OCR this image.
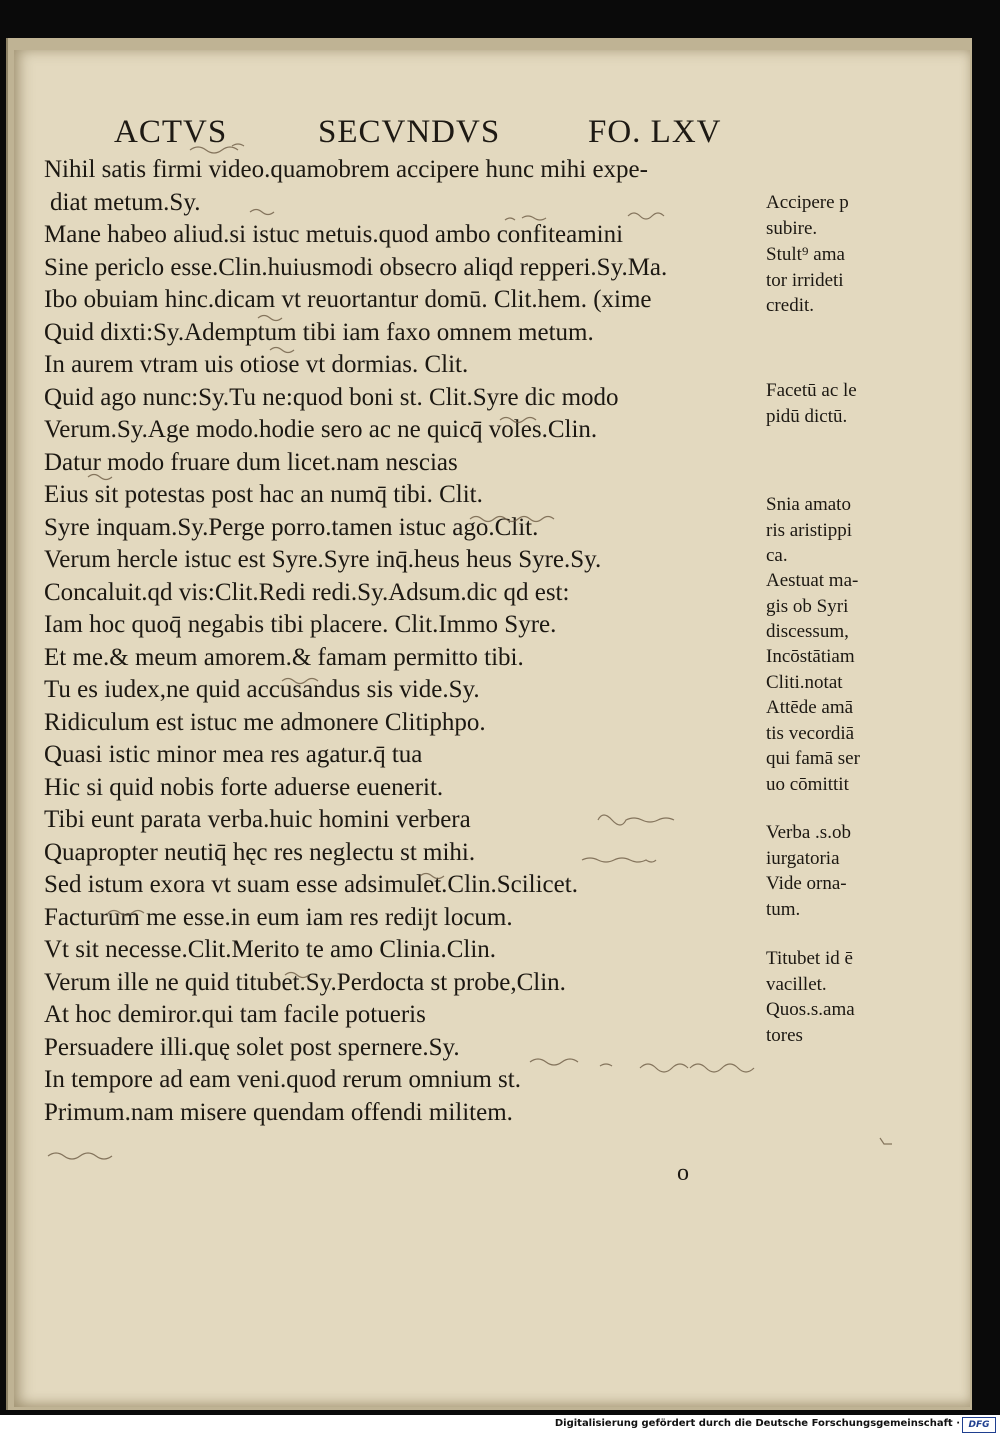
ACTVS	SECVNDVS	FO. LXV
Nihil satis firmi video.quamobrem accipere hunc mihi expe-
diat metum.Sy.
Mane habeo aliud.si istuc metuis.quod ambo confiteamini
Sine periclo esse.Clin.huiusmodi obsecro aliqd repperi.Sy.Ma.
Ibo obuiam hinc.dicam vt reuortantur domū. Clit.hem. (xime
Quid dixti:Sy.Ademptum tibi iam faxo omnem metum.
In aurem vtram uis otiose vt dormias. Clit.
Quid ago nunc:Sy.Tu ne:quod boni st. Clit.Syre dic modo
Verum.Sy.Age modo.hodie sero ac ne quicq̄ voles.Clin.
Datur modo fruare dum licet.nam nescias
Eius sit potestas post hac an numq̄ tibi. Clit.
Syre inquam.Sy.Perge porro.tamen istuc ago.Clit.
Verum hercle istuc est Syre.Syre inq̄.heus heus Syre.Sy.
Concaluit.qd vis:Clit.Redi redi.Sy.Adsum.dic qd est:
Iam hoc quoq̄ negabis tibi placere. Clit.Immo Syre.
Et me.& meum amorem.& famam permitto tibi.
Tu es iudex,ne quid accusandus sis vide.Sy.
Ridiculum est istuc me admonere Clitiphpo.
Quasi istic minor mea res agatur.q̄ tua
Hic si quid nobis forte aduerse euenerit.
Tibi eunt parata verba.huic homini verbera
Quapropter neutiq̄ hęc res neglectu st mihi.
Sed istum exora vt suam esse adsimulet.Clin.Scilicet.
Facturum me esse.in eum iam res redijt locum.
Vt sit necesse.Clit.Merito te amo Clinia.Clin.
Verum ille ne quid titubet.Sy.Perdocta st probe,Clin.
At hoc demiror.qui tam facile potueris
Persuadere illi.quę solet post spernere.Sy.
In tempore ad eam veni.quod rerum omnium st.
Primum.nam misere quendam offendi militem.
Accipere p
subire.
Stult⁹ ama
tor irrideti
credit.
Facetū ac le
pidū dictū.
Snia amato
ris aristippi
ca.
Aestuat ma-
gis ob Syri
discessum,
Incōstātiam
Cliti.notat
Attēde amā
tis vecordiā
qui famā ser
uo cōmittit
Verba .s.ob
iurgatoria
Vide orna-
tum.
Titubet id ē
vacillet.
Quos.s.ama
tores
o
Digitalisierung gefördert durch die Deutsche Forschungsgemeinschaft · DFG
